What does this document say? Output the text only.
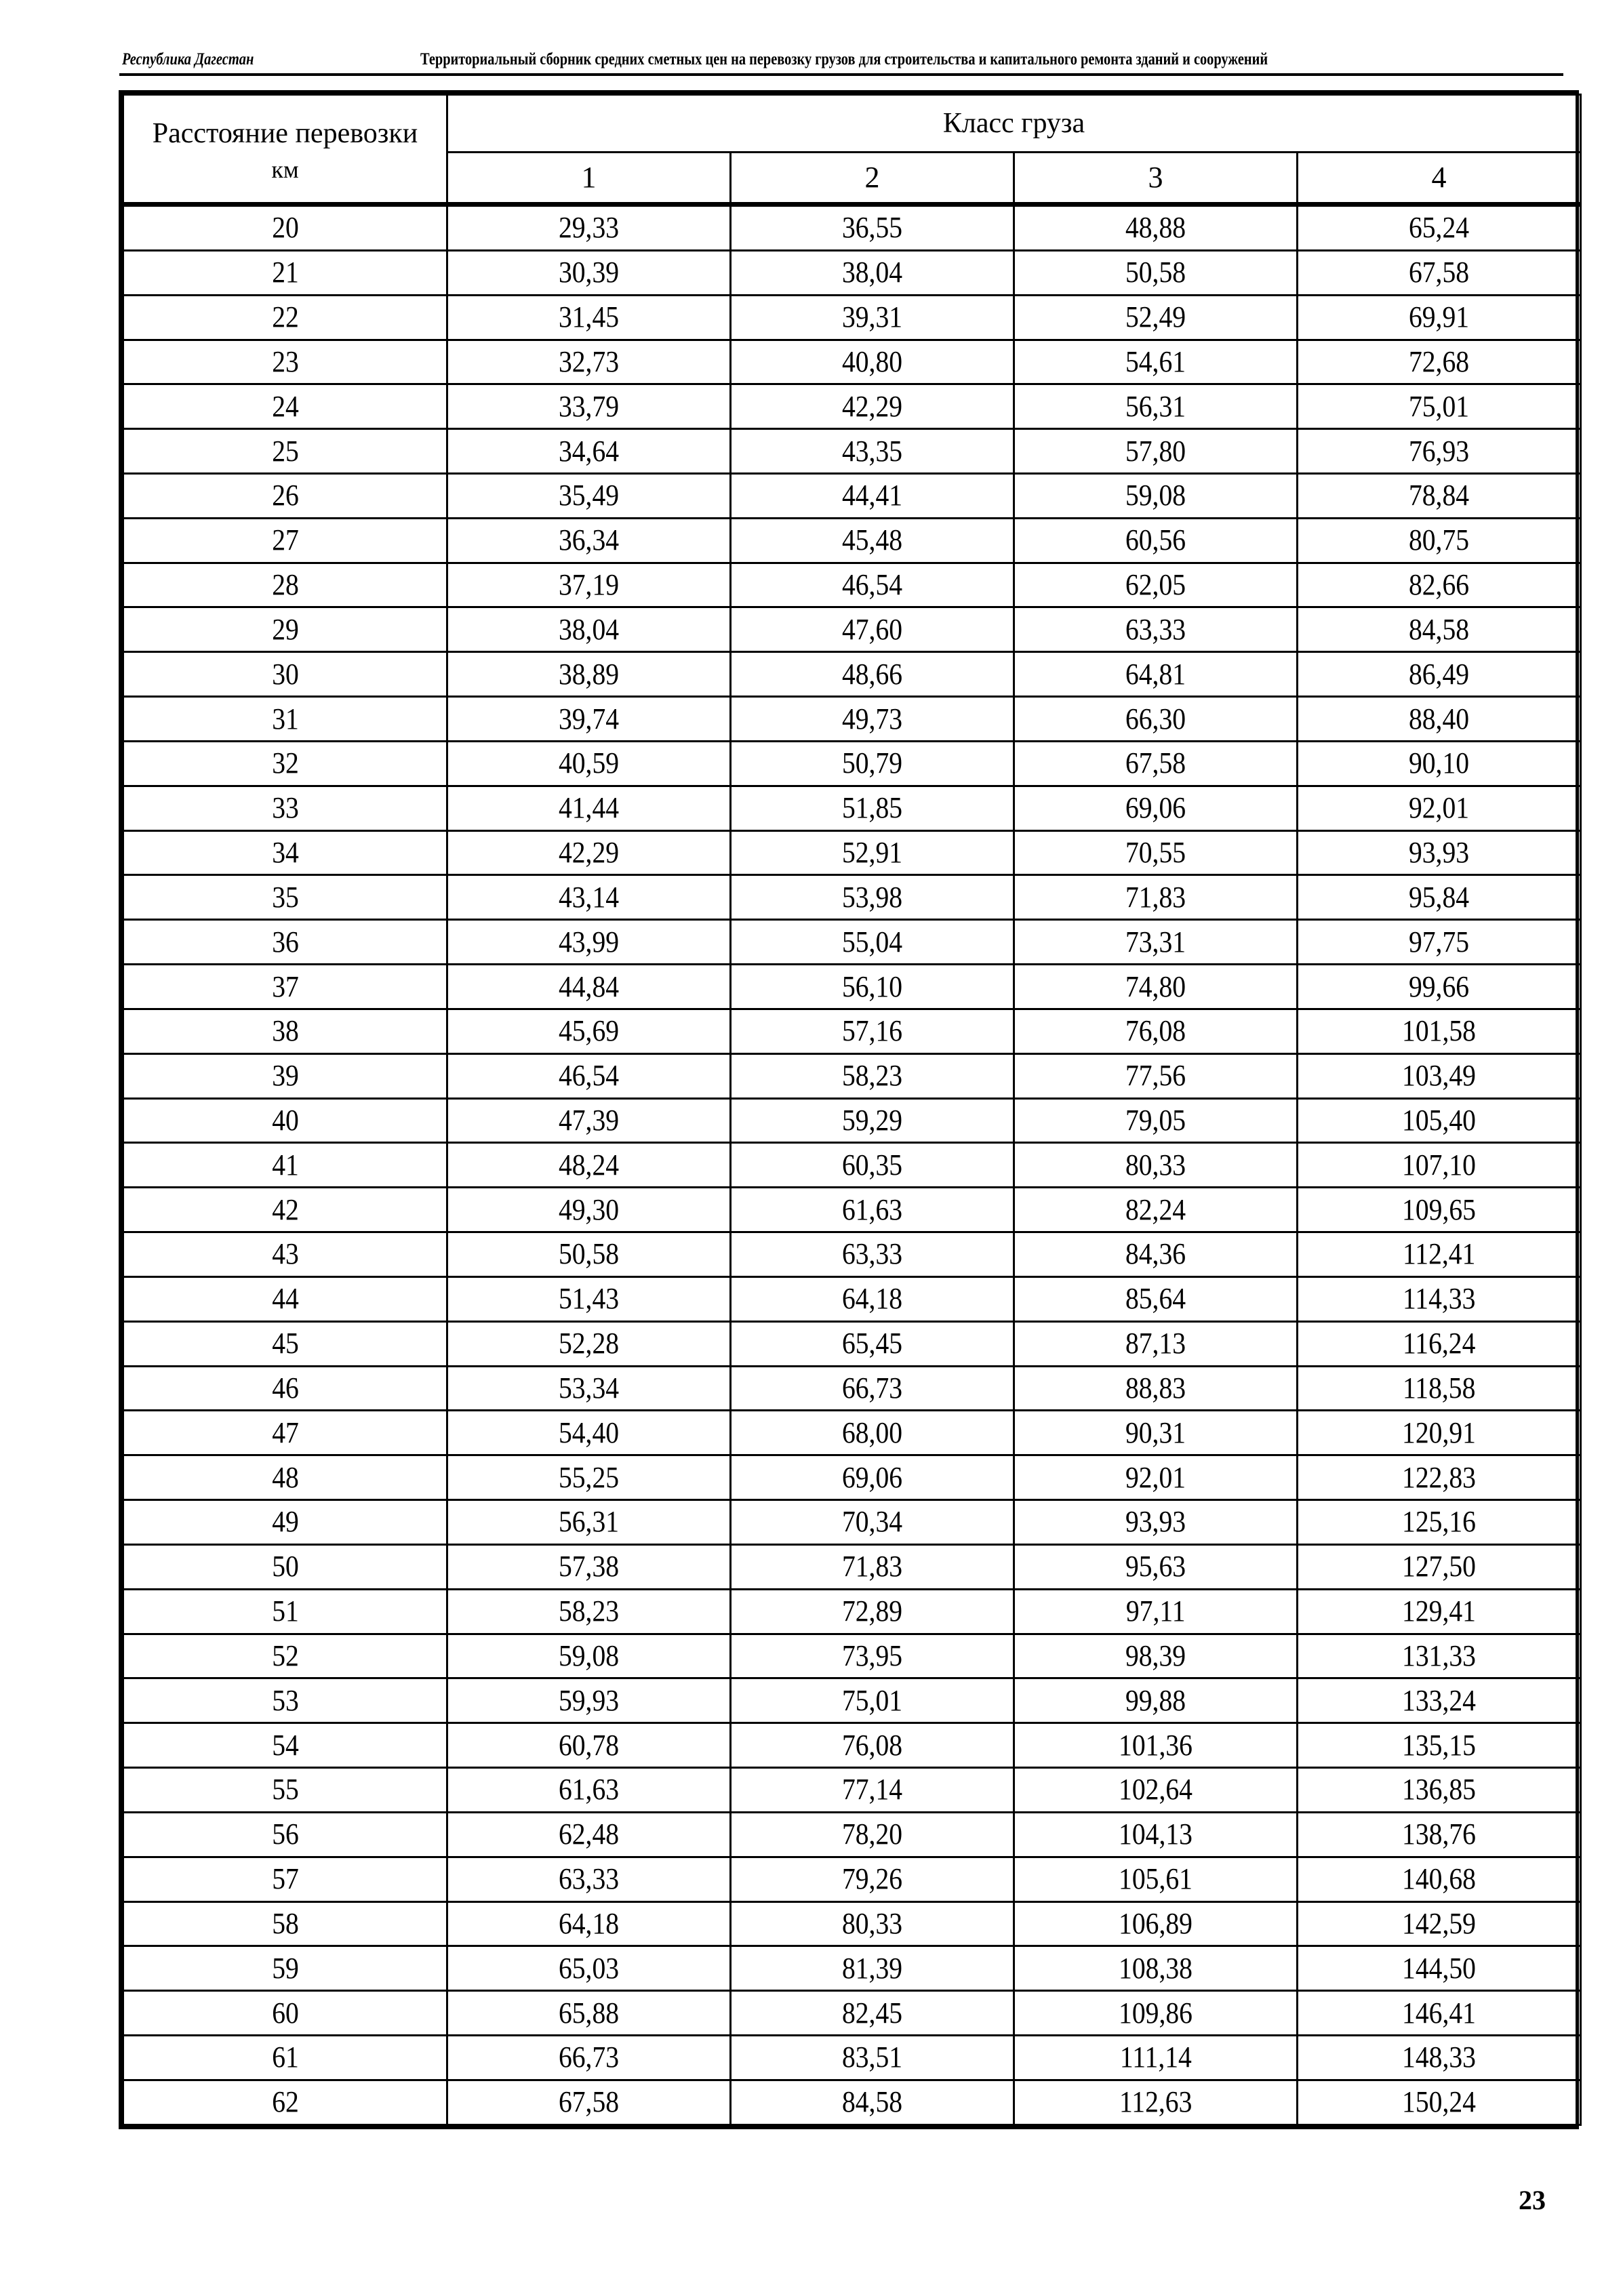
Республика Дагестан	Территориальный сборник средних сметных цен на перевозку грузов для строительства и капитального ремонта зданий и сооружений
Расстояние перевозки
км	Класс груза			
	1	2	3	4
20	29,33	36,55	48,88	65,24
21	30,39	38,04	50,58	67,58
22	31,45	39,31	52,49	69,91
23	32,73	40,80	54,61	72,68
24	33,79	42,29	56,31	75,01
25	34,64	43,35	57,80	76,93
26	35,49	44,41	59,08	78,84
27	36,34	45,48	60,56	80,75
28	37,19	46,54	62,05	82,66
29	38,04	47,60	63,33	84,58
30	38,89	48,66	64,81	86,49
31	39,74	49,73	66,30	88,40
32	40,59	50,79	67,58	90,10
33	41,44	51,85	69,06	92,01
34	42,29	52,91	70,55	93,93
35	43,14	53,98	71,83	95,84
36	43,99	55,04	73,31	97,75
37	44,84	56,10	74,80	99,66
38	45,69	57,16	76,08	101,58
39	46,54	58,23	77,56	103,49
40	47,39	59,29	79,05	105,40
41	48,24	60,35	80,33	107,10
42	49,30	61,63	82,24	109,65
43	50,58	63,33	84,36	112,41
44	51,43	64,18	85,64	114,33
45	52,28	65,45	87,13	116,24
46	53,34	66,73	88,83	118,58
47	54,40	68,00	90,31	120,91
48	55,25	69,06	92,01	122,83
49	56,31	70,34	93,93	125,16
50	57,38	71,83	95,63	127,50
51	58,23	72,89	97,11	129,41
52	59,08	73,95	98,39	131,33
53	59,93	75,01	99,88	133,24
54	60,78	76,08	101,36	135,15
55	61,63	77,14	102,64	136,85
56	62,48	78,20	104,13	138,76
57	63,33	79,26	105,61	140,68
58	64,18	80,33	106,89	142,59
59	65,03	81,39	108,38	144,50
60	65,88	82,45	109,86	146,41
61	66,73	83,51	111,14	148,33
62	67,58	84,58	112,63	150,24
23
